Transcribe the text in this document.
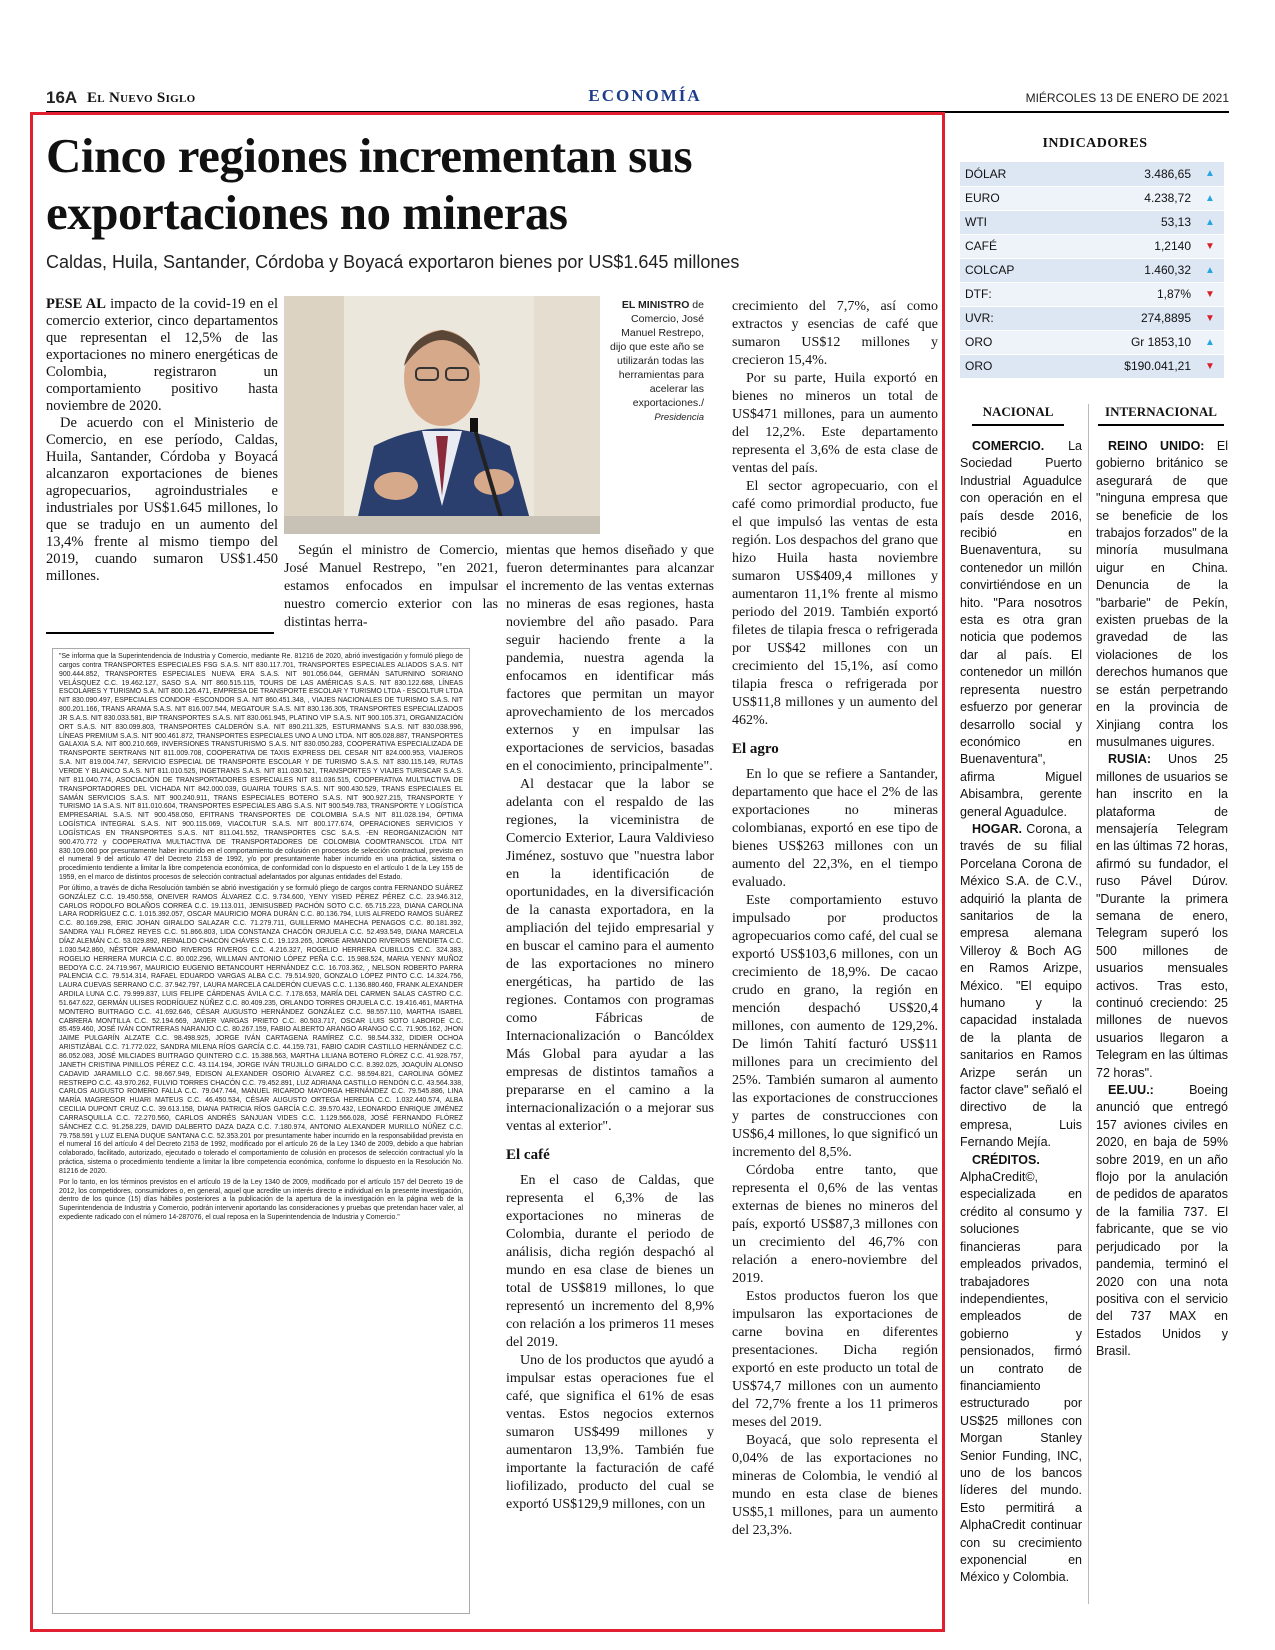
16A El Nuevo Siglo	ECONOMÍA	MIÉRCOLES 13 DE ENERO DE 2021
Cinco regiones incrementan sus exportaciones no mineras
Caldas, Huila, Santander, Córdoba y Boyacá exportaron bienes por US$1.645 millones

PESE AL impacto de la covid-19 en el comercio exterior, cinco departamentos que representan el 12,5% de las exportaciones no minero energéticas de Colombia, registraron un comportamiento positivo hasta noviembre de 2020.

De acuerdo con el Ministerio de Comercio, en ese período, Caldas, Huila, Santander, Córdoba y Boyacá alcanzaron exportaciones de bienes agropecuarios, agroindustriales e industriales por US$1.645 millones, lo que se tradujo en un aumento del 13,4% frente al mismo tiempo del 2019, cuando sumaron US$1.450 millones.

EL MINISTRO de Comercio, José Manuel Restrepo, dijo que este año se utilizarán todas las herramientas para acelerar las exportaciones./
Presidencia

Según el ministro de Comercio, José Manuel Restrepo, "en 2021, estamos enfocados en impulsar nuestro comercio exterior con las distintas herra-

mientas que hemos diseñado y que fueron determinantes para alcanzar el incremento de las ventas externas no mineras de esas regiones, hasta noviembre del año pasado. Para seguir haciendo frente a la pandemia, nuestra agenda la enfocamos en identificar más factores que permitan un mayor aprovechamiento de los mercados externos y en impulsar las exportaciones de servicios, basadas en el conocimiento, principalmente".

Al destacar que la labor se adelanta con el respaldo de las regiones, la viceministra de Comercio Exterior, Laura Valdivieso Jiménez, sostuvo que "nuestra labor en la identificación de oportunidades, en la diversificación de la canasta exportadora, en la ampliación del tejido empresarial y en buscar el camino para el aumento de las exportaciones no minero energéticas, ha partido de las regiones. Contamos con programas como Fábricas de Internacionalización o Bancóldex Más Global para ayudar a las empresas de distintos tamaños a prepararse en el camino a la internacionalización o a mejorar sus ventas al exterior".

El café

En el caso de Caldas, que representa el 6,3% de las exportaciones no mineras de Colombia, durante el periodo de análisis, dicha región despachó al mundo en esa clase de bienes un total de US$819 millones, lo que representó un incremento del 8,9% con relación a los primeros 11 meses del 2019.

Uno de los productos que ayudó a impulsar estas operaciones fue el café, que significa el 61% de esas ventas. Estos negocios externos sumaron US$499 millones y aumentaron 13,9%. También fue importante la facturación de café liofilizado, producto del cual se exportó US$129,9 millones, con un

crecimiento del 7,7%, así como extractos y esencias de café que sumaron US$12 millones y crecieron 15,4%.

Por su parte, Huila exportó en bienes no mineros un total de US$471 millones, para un aumento del 12,2%. Este departamento representa el 3,6% de esta clase de ventas del país.

El sector agropecuario, con el café como primordial producto, fue el que impulsó las ventas de esta región. Los despachos del grano que hizo Huila hasta noviembre sumaron US$409,4 millones y aumentaron 11,1% frente al mismo periodo del 2019. También exportó filetes de tilapia fresca o refrigerada por US$42 millones con un crecimiento del 15,1%, así como tilapia fresca o refrigerada por US$11,8 millones y un aumento del 462%.

El agro

En lo que se refiere a Santander, departamento que hace el 2% de las exportaciones no mineras colombianas, exportó en ese tipo de bienes US$263 millones con un aumento del 22,3%, en el tiempo evaluado.

Este comportamiento estuvo impulsado por productos agropecuarios como café, del cual se exportó US$103,6 millones, con un crecimiento de 18,9%. De cacao crudo en grano, la región en mención despachó US$20,4 millones, con aumento de 129,2%. De limón Tahití facturó US$11 millones para un crecimiento del 25%. También sumaron al aumento las exportaciones de construcciones y partes de construcciones con US$6,4 millones, lo que significó un incremento del 8,5%.

Córdoba entre tanto, que representa el 0,6% de las ventas externas de bienes no mineros del país, exportó US$87,3 millones con un crecimiento del 46,7% con relación a enero-noviembre del 2019.

Estos productos fueron los que impulsaron las exportaciones de carne bovina en diferentes presentaciones. Dicha región exportó en este producto un total de US$74,7 millones con un aumento del 72,7% frente a los 11 primeros meses del 2019.

Boyacá, que solo representa el 0,04% de las exportaciones no mineras de Colombia, le vendió al mundo en esta clase de bienes US$5,1 millones, para un aumento del 23,3%.

"Se informa que la Superintendencia de Industria y Comercio, mediante Re. 81216 de 2020, abrió investigación y formuló pliego de cargos contra TRANSPORTES ESPECIALES FSG S.A.S. NIT 830.117.701, TRANSPORTES ESPECIALES ALIADOS S.A.S. NIT 900.444.852, TRANSPORTES ESPECIALES NUEVA ERA S.A.S. NIT 901.056.044, GERMÁN SATURNINO SORIANO VELÁSQUEZ C.C. 19.462.127, SASO S.A. NIT 860.515.115, TOURS DE LAS AMÉRICAS S.A.S. NIT 830.122.688, LÍNEAS ESCOLARES Y TURISMO S.A. NIT 800.126.471, EMPRESA DE TRANSPORTE ESCOLAR Y TURISMO LTDA - ESCOLTUR LTDA NIT 830.090.497, ESPECIALES CONDOR -ESCONDOR S.A. NIT 860.451.348, , VIAJES NACIONALES DE TURISMO S.A.S. NIT 800.201.166, TRANS ARAMA S.A.S. NIT 816.007.544, MEGATOUR S.A.S. NIT 830.136.305, TRANSPORTES ESPECIALIZADOS JR S.A.S. NIT 830.033.581, BIP TRANSPORTES S.A.S. NIT 830.061.945, PLATINO VIP S.A.S. NIT 900.105.371, ORGANIZACIÓN ORT S.A.S. NIT 830.099.803, TRANSPORTES CALDERÓN S.A. NIT 890.211.325, ESTURMANNS S.A.S. NIT 830.038.996, LÍNEAS PREMIUM S.A.S. NIT 900.461.872, TRANSPORTES ESPECIALES UNO A UNO LTDA. NIT 805.028.887, TRANSPORTES GALAXIA S.A. NIT 800.210.669, INVERSIONES TRANSTURISMO S.A.S. NIT 830.050.283, COOPERATIVA ESPECIALIZADA DE TRANSPORTE SERTRANS NIT 811.009.708, COOPERATIVA DE TAXIS EXPRESS DEL CESAR NIT 824.000.953, VIAJEROS S.A. NIT 819.004.747, SERVICIO ESPECIAL DE TRANSPORTE ESCOLAR Y DE TURISMO S.A.S. NIT 830.115.149, RUTAS VERDE Y BLANCO S.A.S. NIT 811.010.525, INGETRANS S.A.S. NIT 811.030.521, TRANSPORTES Y VIAJES TURISCAR S.A.S. NIT 811.040.774, ASOCIACIÓN DE TRANSPORTADORES ESPECIALES NIT 811.036.515, COOPERATIVA MULTIACTIVA DE TRANSPORTADORES DEL VICHADA NIT 842.000.039, GUAIRIA TOURS S.A.S. NIT 900.430.529, TRANS ESPECIALES EL SAMÁN SERVICIOS S.A.S. NIT 900.240.911, TRANS ESPECIALES BOTERO S.A.S. NIT 900.927.215, TRANSPORTE Y TURISMO 1A S.A.S. NIT 811.010.604, TRANSPORTES ESPECIALES ABG S.A.S. NIT 900.549.783, TRANSPORTE Y LOGÍSTICA EMPRESARIAL S.A.S. NIT 900.458.050, EFITRANS TRANSPORTES DE COLOMBIA S.A.S NIT 811.028.194, ÓPTIMA LOGÍSTICA INTEGRAL S.A.S. NIT 900.115.069, VIACOLTUR S.A.S. NIT 800.177.674, OPERACIONES SERVICIOS Y LOGÍSTICAS EN TRANSPORTES S.A.S. NIT 811.041.552, TRANSPORTES CSC S.A.S. -EN REORGANIZACIÓN NIT 900.470.772 y COOPERATIVA MULTIACTIVA DE TRANSPORTADORES DE COLOMBIA COOMTRANSCOL LTDA NIT 830.109.060 por presuntamente haber incurrido en el comportamiento de colusión en procesos de selección contractual, previsto en el numeral 9 del artículo 47 del Decreto 2153 de 1992, y/o por presuntamente haber incurrido en una práctica, sistema o procedimiento tendiente a limitar la libre competencia económica, de conformidad con lo dispuesto en el artículo 1 de la Ley 155 de 1959, en el marco de distintos procesos de selección contractual adelantados por algunas entidades del Estado.

Por último, a través de dicha Resolución también se abrió investigación y se formuló pliego de cargos contra FERNANDO SUÁREZ GONZÁLEZ C.C. 19.450.558, ONEIVER RAMOS ÁLVAREZ C.C. 9.734.600, YENY YISED PÉREZ PÉREZ C.C. 23.946.312, CARLOS RODOLFO BOLAÑOS CORREA C.C. 19.113.011, JENISUSBED PACHÓN SOTO C.C. 65.715.223, DIANA CAROLINA LARA RODRÍGUEZ C.C. 1.015.392.057, OSCAR MAURICIO MORA DURÁN C.C. 80.136.794, LUIS ALFREDO RAMOS SUÁREZ C.C. 80.169.298, ERIC JOHAN GIRALDO SALAZAR C.C. 71.279.711, GUILLERMO MAHECHA PENAGOS C.C. 80.181.392, SANDRA YALI FLÓREZ REYES C.C. 51.866.803, LIDA CONSTANZA CHACÓN ORJUELA C.C. 52.493.549, DIANA MARCELA DÍAZ ALEMÁN C.C. 53.029.892, REINALDO CHACÓN CHÁVES C.C. 19.123.265, JORGE ARMANDO RIVEROS MENDIETA C.C. 1.030.542.860, NÉSTOR ARMANDO RIVEROS RIVEROS C.C. 4.216.327, ROGELIO HERRERA CUBILLOS C.C. 324.383, ROGELIO HERRERA MURCIA C.C. 80.002.296, WILLMAN ANTONIO LÓPEZ PEÑA C.C. 15.988.524, MARIA YENNY MUÑOZ BEDOYA C.C. 24.719.967, MAURICIO EUGENIO BETANCOURT HERNÁNDEZ C.C. 16.703.362, , NELSON ROBERTO PARRA PALENCIA C.C. 79.514.314, RAFAEL EDUARDO VARGAS ALBA C.C. 79.514.920, GONZALO LÓPEZ PINTO C.C. 14.324.756, LAURA CUEVAS SERRANO C.C. 37.942.797, LAURA MARCELA CALDERÓN CUEVAS C.C. 1.136.880.460, FRANK ALEXANDER ARDILA LUNA C.C. 79.999.837, LUIS FELIPE CÁRDENAS ÁVILA C.C. 7.178.653, MARÍA DEL CARMEN SALAS CASTRO C.C. 51.647.622, GERMÁN ULISES RODRÍGUEZ NÚÑEZ C.C. 80.409.235, ORLANDO TORRES ORJUELA C.C. 19.416.461, MARTHA MONTERO BUITRAGO C.C. 41.692.646, CÉSAR AUGUSTO HERNÁNDEZ GONZÁLEZ C.C. 98.557.110, MARTHA ISABEL CABRERA MONTILLA C.C. 52.194.669, JAVIER VARGAS PRIETO C.C. 80.503.717, OSCAR LUIS SOTO LABORDE C.C. 85.459.460, JOSÉ IVÁN CONTRERAS NARANJO C.C. 80.267.159, FABIO ALBERTO ARANGO ARANGO C.C. 71.905.162, JHON JAIME PULGARÍN ALZATE C.C. 98.498.925, JORGE IVÁN CARTAGENA RAMÍREZ C.C. 98.544.332, DIDIER OCHOA ARISTIZÁBAL C.C. 71.772.022, SANDRA MILENA RÍOS GARCÍA C.C. 44.159.731, FABIO CADIR CASTILLO HERNÁNDEZ C.C. 86.052.083, JOSÉ MILCIADES BUITRAGO QUINTERO C.C. 15.388.563, MARTHA LILIANA BOTERO FLÓREZ C.C. 41.928.757, JANETH CRISTINA PINILLOS PÉREZ C.C. 43.114.194, JORGE IVÁN TRUJILLO GIRALDO C.C. 8.392.025, JOAQUÍN ALONSO CADAVID JARAMILLO C.C. 98.667.949, EDISON ALEXANDER OSORIO ÁLVAREZ C.C. 98.594.821, CAROLINA GÓMEZ RESTREPO C.C. 43.970.262, FULVIO TORRES CHACÓN C.C. 79.452.891, LUZ ADRIANA CASTILLO RENDÓN C.C. 43.564.338, CARLOS AUGUSTO ROMERO FALLA C.C. 79.047.744, MANUEL RICARDO MAYORGA HERNÁNDEZ C.C. 79.545.886, LINA MARÍA MAGREGOR HUARI MATEUS C.C. 46.450.534, CÉSAR AUGUSTO ORTEGA HEREDIA C.C. 1.032.440.574, ALBA CECILIA DUPONT CRUZ C.C. 39.613.158, DIANA PATRICIA RÍOS GARCÍA C.C. 39.570.432, LEONARDO ENRIQUE JIMÉNEZ CARRASQUILLA C.C. 72.270.560, CARLOS ANDRÉS SANJUAN VIDES C.C. 1.129.566.028, JOSÉ FERNANDO FLÓREZ SÁNCHEZ C.C. 91.258.229, DAVID DALBERTO DAZA DAZA C.C. 7.180.974, ANTONIO ALEXANDER MURILLO NÚÑEZ C.C. 79.758.591 y LUZ ELENA DUQUE SANTANA C.C. 52.353.201 por presuntamente haber incurrido en la responsabilidad prevista en el numeral 16 del artículo 4 del Decreto 2153 de 1992, modificado por el artículo 26 de la Ley 1340 de 2009, debido a que habrían colaborado, facilitado, autorizado, ejecutado o tolerado el comportamiento de colusión en procesos de selección contractual y/o la práctica, sistema o procedimiento tendiente a limitar la libre competencia económica, conforme lo dispuesto en la Resolución No. 81216 de 2020.

Por lo tanto, en los términos previstos en el artículo 19 de la Ley 1340 de 2009, modificado por el artículo 157 del Decreto 19 de 2012, los competidores, consumidores o, en general, aquel que acredite un interés directo e individual en la presente investigación, dentro de los quince (15) días hábiles posteriores a la publicación de la apertura de la investigación en la página web de la Superintendencia de Industria y Comercio, podrán intervenir aportando las consideraciones y pruebas que pretendan hacer valer, al expediente radicado con el número 14-287076, el cual reposa en la Superintendencia de Industria y Comercio."

INDICADORES
DÓLAR	3.486,65	▲
EURO	4.238,72	▲
WTI	53,13	▲
CAFÉ	1,2140	▼
COLCAP	1.460,32	▲
DTF:	1,87%	▼
UVR:	274,8895	▼
ORO	Gr 1853,10	▲
ORO	$190.041,21	▼
NACIONAL	INTERNACIONAL

COMERCIO. La Sociedad Puerto Industrial Aguadulce con operación en el país desde 2016, recibió en Buenaventura, su contenedor un millón convirtiéndose en un hito. "Para nosotros esta es otra gran noticia que podemos dar al país. El contenedor un millón representa nuestro esfuerzo por generar desarrollo social y económico en Buenaventura", afirma Miguel Abisambra, gerente general Aguadulce.

HOGAR. Corona, a través de su filial Porcelana Corona de México S.A. de C.V., adquirió la planta de sanitarios de la empresa alemana Villeroy & Boch AG en Ramos Arizpe, México. "El equipo humano y la capacidad instalada de la planta de sanitarios en Ramos Arizpe serán un factor clave" señaló el directivo de la empresa, Luis Fernando Mejía.

CRÉDITOS. AlphaCredit©, especializada en crédito al consumo y soluciones financieras para empleados privados, trabajadores independientes, empleados de gobierno y pensionados, firmó un contrato de financiamiento estructurado por US$25 millones con Morgan Stanley Senior Funding, INC, uno de los bancos líderes del mundo. Esto permitirá a AlphaCredit continuar con su crecimiento exponencial en México y Colombia.

REINO UNIDO: El gobierno británico se asegurará de que "ninguna empresa que se beneficie de los trabajos forzados" de la minoría musulmana uigur en China. Denuncia de la "barbarie" de Pekín, existen pruebas de la gravedad de las violaciones de los derechos humanos que se están perpetrando en la provincia de Xinjiang contra los musulmanes uigures.

RUSIA: Unos 25 millones de usuarios se han inscrito en la plataforma de mensajería Telegram en las últimas 72 horas, afirmó su fundador, el ruso Pável Dúrov. "Durante la primera semana de enero, Telegram superó los 500 millones de usuarios mensuales activos. Tras esto, continuó creciendo: 25 millones de nuevos usuarios llegaron a Telegram en las últimas 72 horas".

EE.UU.: Boeing anunció que entregó 157 aviones civiles en 2020, en baja de 59% sobre 2019, en un año flojo por la anulación de pedidos de aparatos de la familia 737. El fabricante, que se vio perjudicado por la pandemia, terminó el 2020 con una nota positiva con el servicio del 737 MAX en Estados Unidos y Brasil.
